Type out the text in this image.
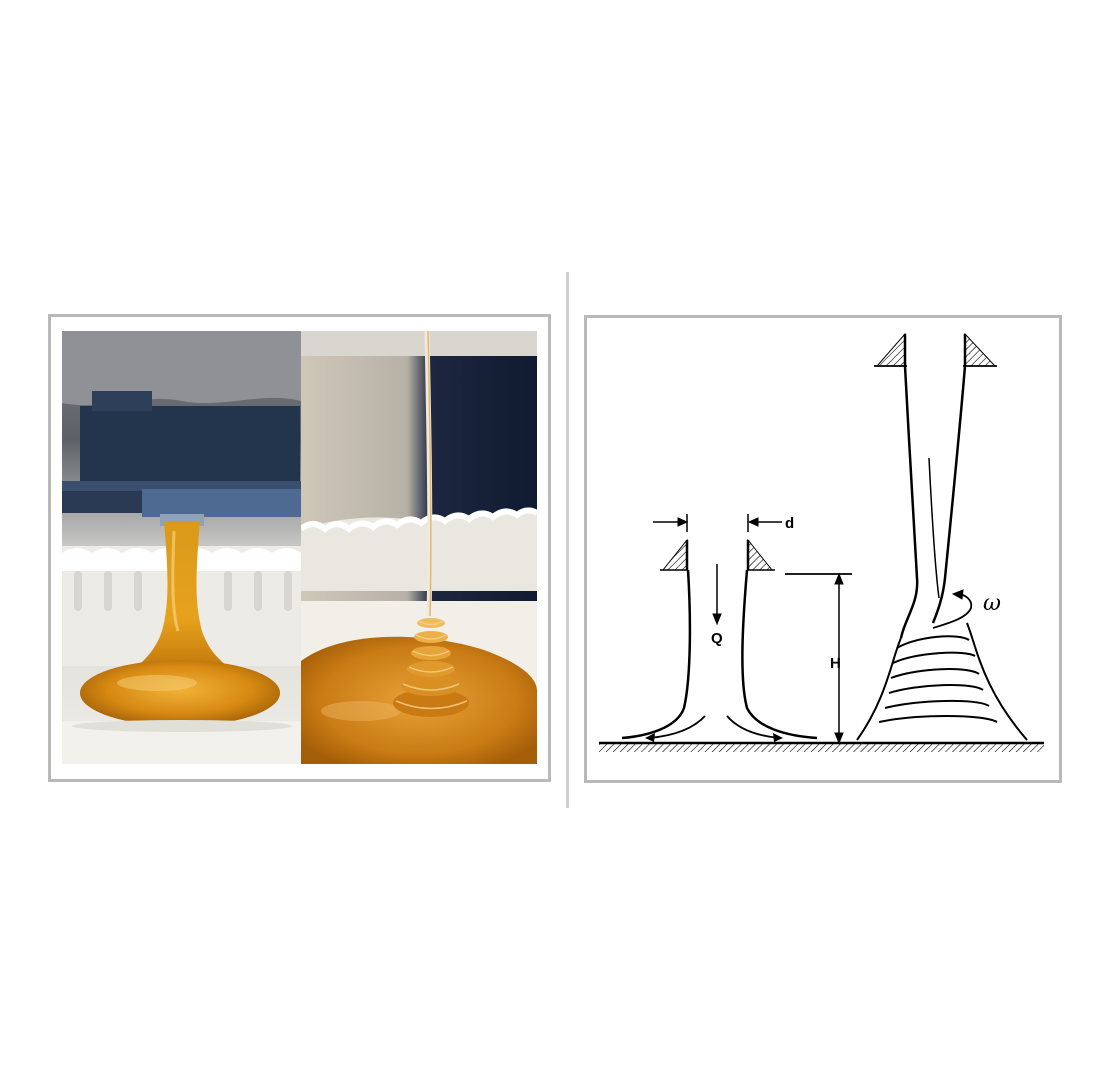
d
Q
H
ω
